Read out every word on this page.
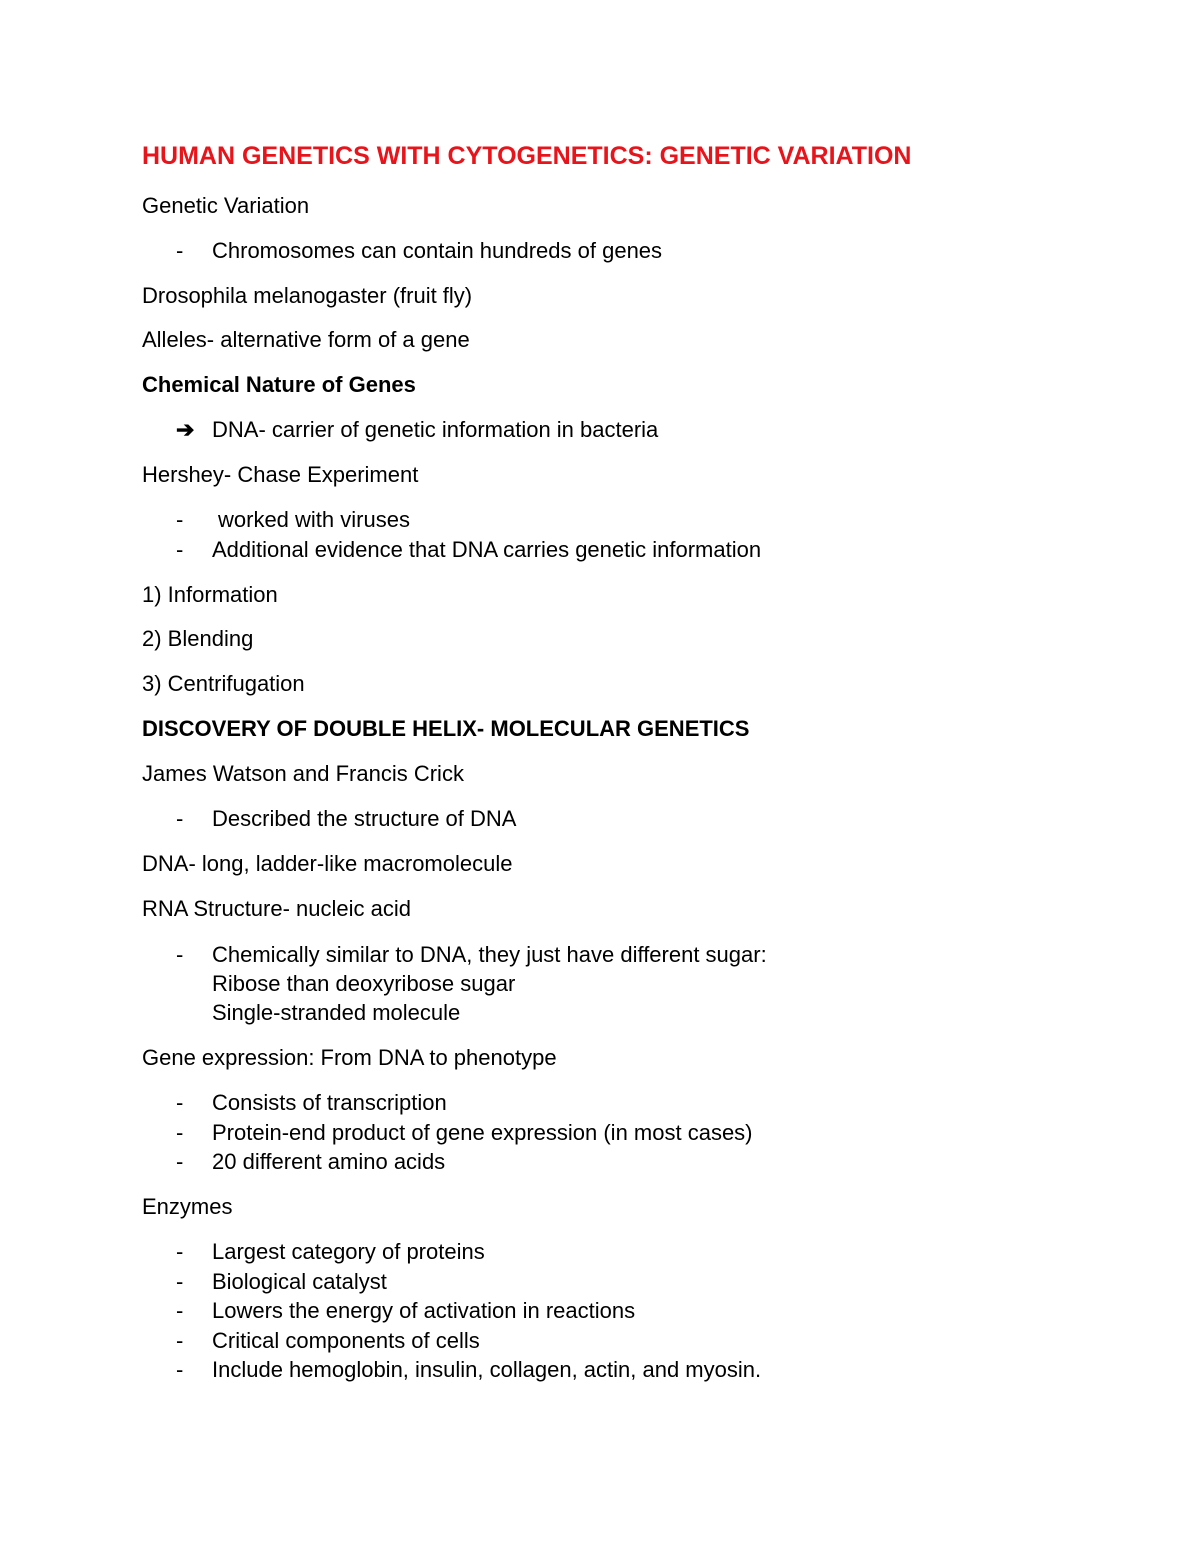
HUMAN GENETICS WITH CYTOGENETICS: GENETIC VARIATION

Genetic Variation

- Chromosomes can contain hundreds of genes

Drosophila melanogaster (fruit fly)

Alleles- alternative form of a gene

Chemical Nature of Genes

➔ DNA- carrier of genetic information in bacteria

Hershey- Chase Experiment

- worked with viruses

- Additional evidence that DNA carries genetic information

1) Information

2) Blending

3) Centrifugation

DISCOVERY OF DOUBLE HELIX- MOLECULAR GENETICS

James Watson and Francis Crick

- Described the structure of DNA

DNA- long, ladder-like macromolecule

RNA Structure- nucleic acid

- Chemically similar to DNA, they just have different sugar:

Ribose than deoxyribose sugar

Single-stranded molecule

Gene expression: From DNA to phenotype

- Consists of transcription

- Protein-end product of gene expression (in most cases)

- 20 different amino acids

Enzymes

- Largest category of proteins

- Biological catalyst

- Lowers the energy of activation in reactions

- Critical components of cells

- Include hemoglobin, insulin, collagen, actin, and myosin.
